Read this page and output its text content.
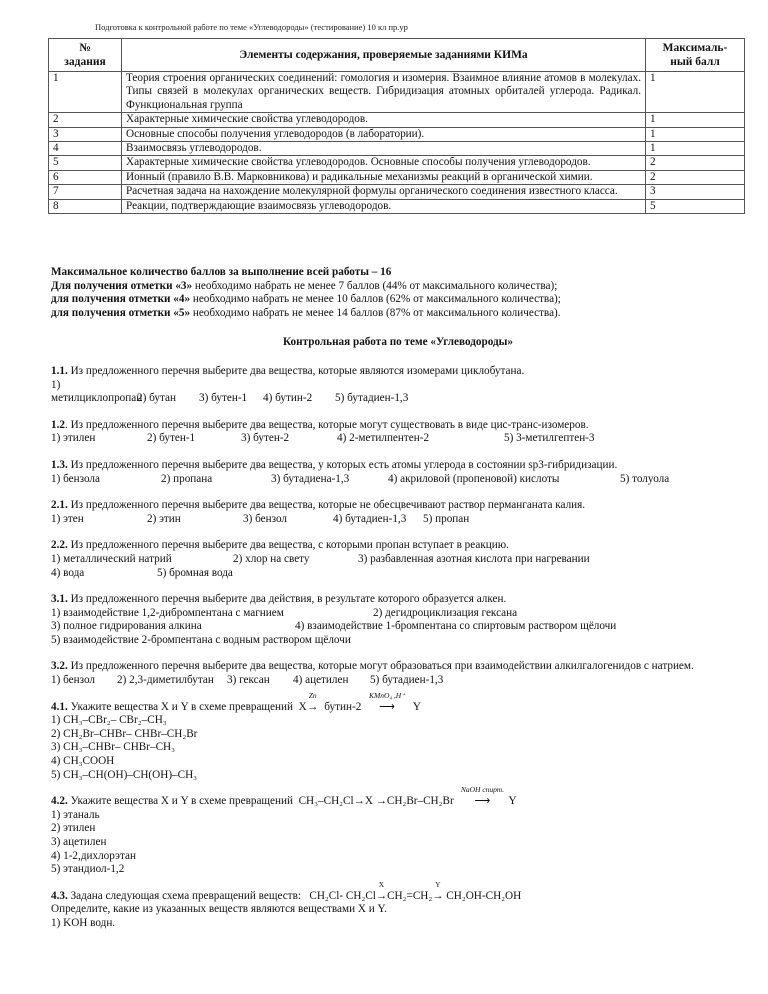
Подготовка к контрольной работе по теме «Углеводороды» (тестирование) 10 кл пр.ур
№
задания	Элементы содержания, проверяемые заданиями КИМа	Максималь-
ный балл
1	Теория строения органических соединений: гомология и изомерия. Взаимное влияние атомов в молекулах. Типы связей в молекулах органических веществ. Гибридизация атомных орбиталей углерода. Радикал. Функциональная группа	1
2	Характерные химические свойства углеводородов.	1
3	Основные способы получения углеводородов (в лаборатории).	1
4	Взаимосвязь углеводородов.	1
5	Характерные химические свойства углеводородов. Основные способы получения углеводородов.	2
6	Ионный (правило В.В. Марковникова) и радикальные механизмы реакций в органической химии.	2
7	Расчетная задача на нахождение молекулярной формулы органического соединения известного класса.	3
8	Реакции, подтверждающие взаимосвязь углеводородов.	5

Максимальное количество баллов за выполнение всей работы – 16

Для получения отметки «3» необходимо набрать не менее 7 баллов (44% от максимального количества);

для получения отметки «4» необходимо набрать не менее 10 баллов (62% от максимального количества);

для получения отметки «5» необходимо набрать не менее 14 баллов (87% от максимального количества).

Контрольная работа по теме «Углеводороды»

1.1. Из предложенного перечня выберите два вещества, которые являются изомерами циклобутана.

1) метилциклопропан2) бутан 3) бутен-1 4) бутин-2 5) бутадиен-1,3

1.2. Из предложенного перечня выберите два вещества, которые могут существовать в виде цис-транс-изомеров.

1) этилен	2) бутен-1	3) бутен-2	4) 2-метилпентен-2	5) 3-метилгептен-3

1.3. Из предложенного перечня выберите два вещества, у которых есть атомы углерода в состоянии sp3-гибридизации.

1) бензола	2) пропана	3) бутадиена-1,3	4) акриловой (пропеновой) кислоты	5) толуола

2.1. Из предложенного перечня выберите два вещества, которые не обесцвечивают раствор перманганата калия.

1) этен	2) этин	3) бензол	4) бутадиен-1,3 5) пропан

2.2. Из предложенного перечня выберите два вещества, с которыми пропан вступает в реакцию.

1) металлический натрий	2) хлор на свету	3) разбавленная азотная кислота при нагревании

4) вода	5) бромная вода

3.1. Из предложенного перечня выберите два действия, в результате которого образуется алкен.

1) взаимодействие 1,2-дибромпентана с магнием	2) дегидроциклизация гексана

3) полное гидрирования алкина	4) взаимодействие 1-бромпентана со спиртовым раствором щёлочи

5) взаимодействие 2-бромпентана с водным раствором щёлочи

3.2. Из предложенного перечня выберите два вещества, которые могут образоваться при взаимодействии алкилгалогенидов с натрием.

1) бензол 2) 2,3-диметилбутан 3) гексан 4) ацетилен 5) бутадиен-1,3

4.1. Укажите вещества X и Y в схеме превращений X
Zn
→ бутин-2
KMnO₄ ,H⁺
⟶ Y

1) CH₃–CBr₂– CBr₂–CH₃

2) CH₂Br–CHBr– CHBr–CH₂Br

3) CH₃–CHBr– CHBr–CH₃

4) CH₃COOH

5) CH₃–CH(OH)–CH(OH)–CH₃

4.2. Укажите вещества X и Y в схеме превращений CH₃–CH₂Cl→X →CH₂Br–CH₂Br
NaOH спирт.
⟶ Y

1) этаналь

2) этилен

3) ацетилен

4) 1-2,дихлорэтан

5) этандиол-1,2

4.3. Задана следующая схема превращений веществ: CH₂Cl- CH₂Cl
X
→CH₂=CH₂
Y
→ CH₂OH-CH₂OH

Определите, какие из указанных веществ являются веществами X и Y.

1) KOH водн.
